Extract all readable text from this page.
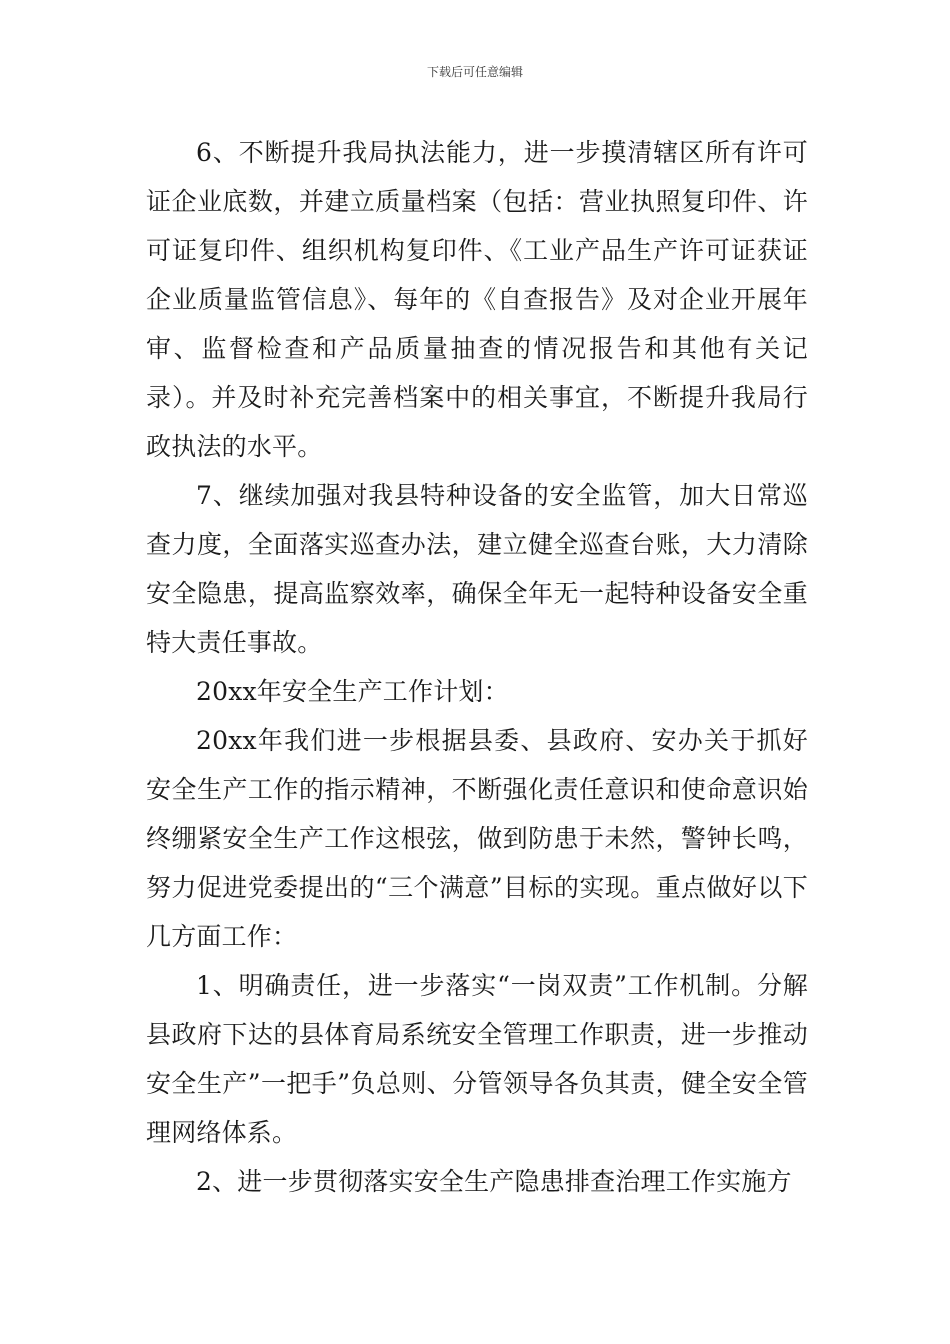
下载后可任意编辑

6、不断提升我局执法能力，进一步摸清辖区所有许可证企业底数，并建立质量档案（包括：营业执照复印件、许可证复印件、组织机构复印件、《工业产品生产许可证获证企业质量监管信息》、每年的《自查报告》及对企业开展年审、监督检查和产品质量抽查的情况报告和其他有关记录）。并及时补充完善档案中的相关事宜，不断提升我局行政执法的水平。

7、继续加强对我县特种设备的安全监管，加大日常巡查力度，全面落实巡查办法，建立健全巡查台账，大力清除安全隐患，提高监察效率，确保全年无一起特种设备安全重特大责任事故。

20xx年安全生产工作计划：

20xx年我们进一步根据县委、县政府、安办关于抓好安全生产工作的指示精神，不断强化责任意识和使命意识始终绷紧安全生产工作这根弦，做到防患于未然，警钟长鸣，努力促进党委提出的“三个满意”目标的实现。重点做好以下几方面工作：

1、明确责任，进一步落实“一岗双责”工作机制。分解县政府下达的县体育局系统安全管理工作职责，进一步推动安全生产”一把手”负总则、分管领导各负其责，健全安全管理网络体系。

2、进一步贯彻落实安全生产隐患排查治理工作实施方
